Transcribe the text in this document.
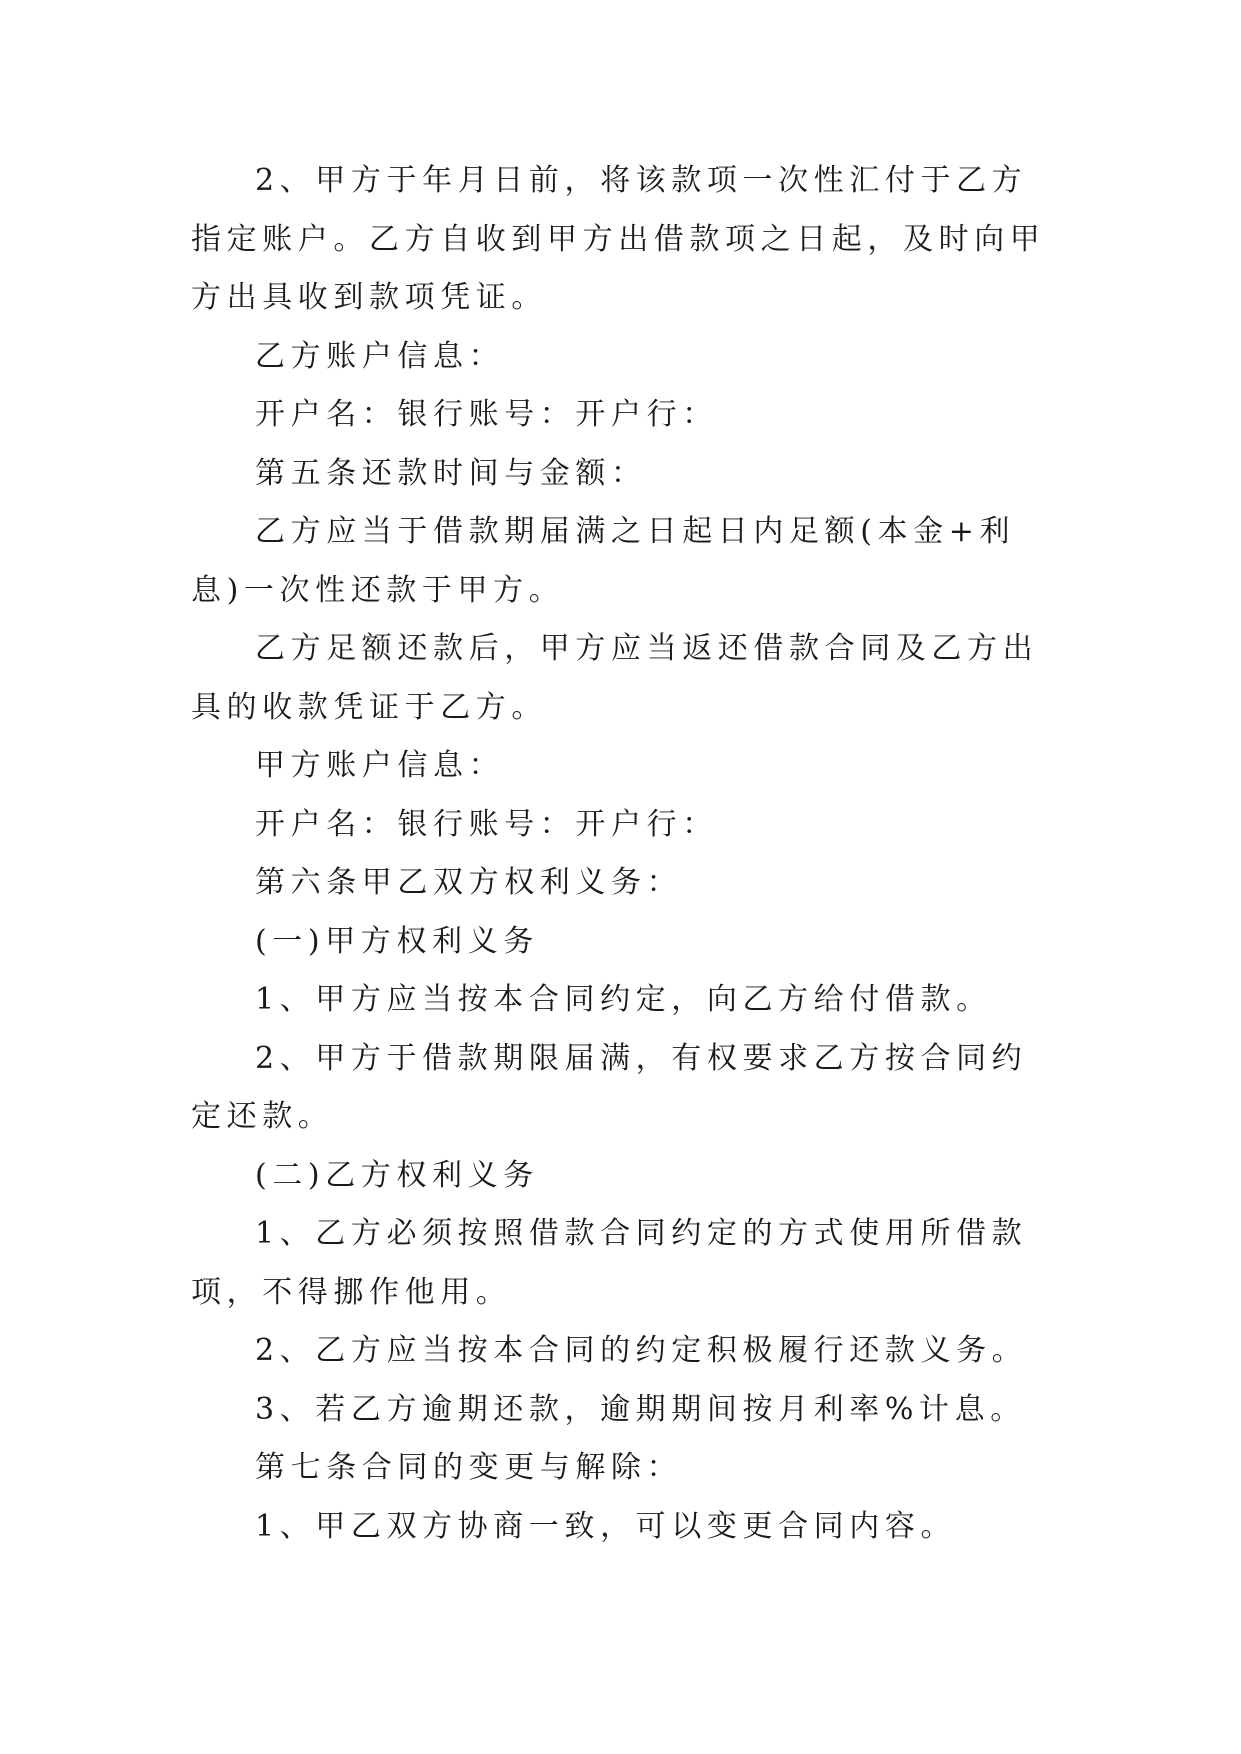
2、甲方于年月日前，将该款项一次性汇付于乙方指定账户。乙方自收到甲方出借款项之日起，及时向甲方出具收到款项凭证。

乙方账户信息：

开户名：银行账号：开户行：

第五条还款时间与金额：

乙方应当于借款期届满之日起日内足额(本金+利息)一次性还款于甲方。

乙方足额还款后，甲方应当返还借款合同及乙方出具的收款凭证于乙方。

甲方账户信息：

开户名：银行账号：开户行：

第六条甲乙双方权利义务：

(一)甲方权利义务

1、甲方应当按本合同约定，向乙方给付借款。

2、甲方于借款期限届满，有权要求乙方按合同约定还款。

(二)乙方权利义务

1、乙方必须按照借款合同约定的方式使用所借款项，不得挪作他用。

2、乙方应当按本合同的约定积极履行还款义务。

3、若乙方逾期还款，逾期期间按月利率%计息。

第七条合同的变更与解除：

1、甲乙双方协商一致，可以变更合同内容。
